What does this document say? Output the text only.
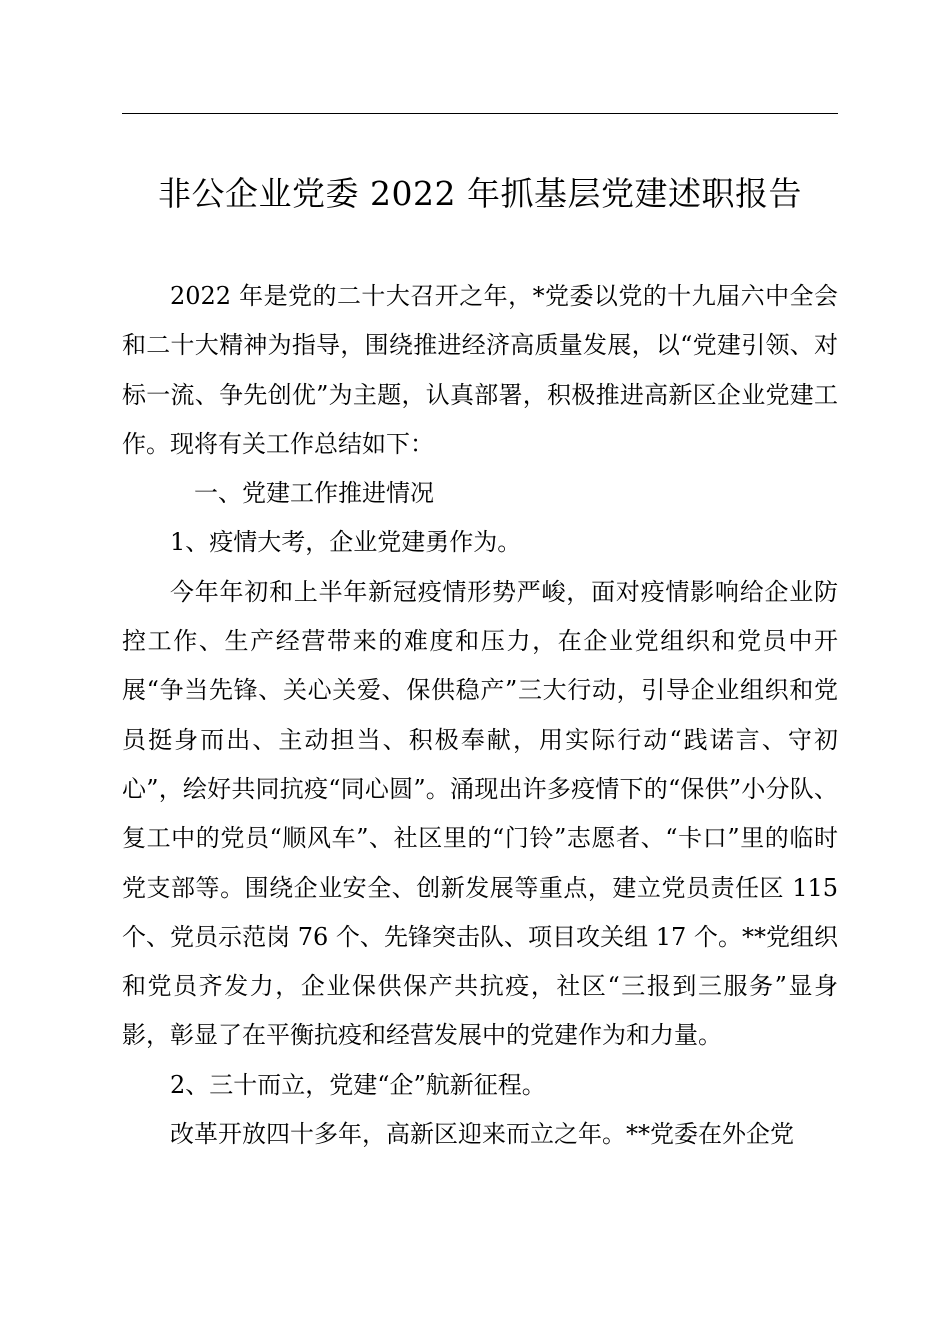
非公企业党委 2022 年抓基层党建述职报告

2022 年是党的二十大召开之年，*党委以党的十九届六中全会和二十大精神为指导，围绕推进经济高质量发展，以“党建引领、对标一流、争先创优”为主题，认真部署，积极推进高新区企业党建工作。现将有关工作总结如下：

一、党建工作推进情况

1、疫情大考，企业党建勇作为。

今年年初和上半年新冠疫情形势严峻，面对疫情影响给企业防控工作、生产经营带来的难度和压力，在企业党组织和党员中开展“争当先锋、关心关爱、保供稳产”三大行动，引导企业组织和党员挺身而出、主动担当、积极奉献，用实际行动“践诺言、守初心”，绘好共同抗疫“同心圆”。涌现出许多疫情下的“保供”小分队、复工中的党员“顺风车”、社区里的“门铃”志愿者、“卡口”里的临时党支部等。围绕企业安全、创新发展等重点，建立党员责任区 115 个、党员示范岗 76 个、先锋突击队、项目攻关组 17 个。**党组织和党员齐发力，企业保供保产共抗疫，社区“三报到三服务”显身影，彰显了在平衡抗疫和经营发展中的党建作为和力量。

2、三十而立，党建“企”航新征程。

改革开放四十多年，高新区迎来而立之年。**党委在外企党
